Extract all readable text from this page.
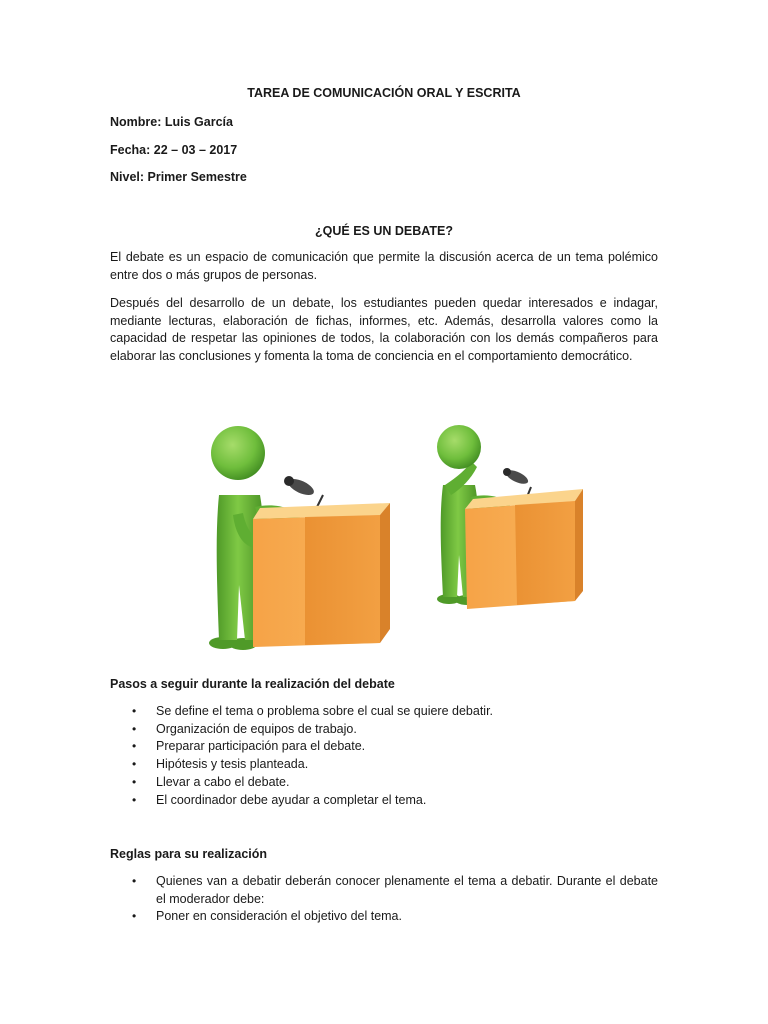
TAREA DE COMUNICACIÓN ORAL Y ESCRITA
Nombre: Luis García
Fecha: 22 – 03 – 2017
Nivel: Primer Semestre
¿QUÉ ES UN DEBATE?

El debate es un espacio de comunicación que permite la discusión acerca de un tema polémico entre dos o más grupos de personas.

Después del desarrollo de un debate, los estudiantes pueden quedar interesados e indagar, mediante lecturas, elaboración de fichas, informes, etc. Además, desarrolla valores como la capacidad de respetar las opiniones de todos, la colaboración con los demás compañeros para elaborar las conclusiones y fomenta la toma de conciencia en el comportamiento democrático.

Pasos a seguir durante la realización del debate
• Se define el tema o problema sobre el cual se quiere debatir.
• Organización de equipos de trabajo.
• Preparar participación para el debate.
• Hipótesis y tesis planteada.
• Llevar a cabo el debate.
• El coordinador debe ayudar a completar el tema.
Reglas para su realización
• Quienes van a debatir deberán conocer plenamente el tema a debatir. Durante el debate el moderador debe:
• Poner en consideración el objetivo del tema.
